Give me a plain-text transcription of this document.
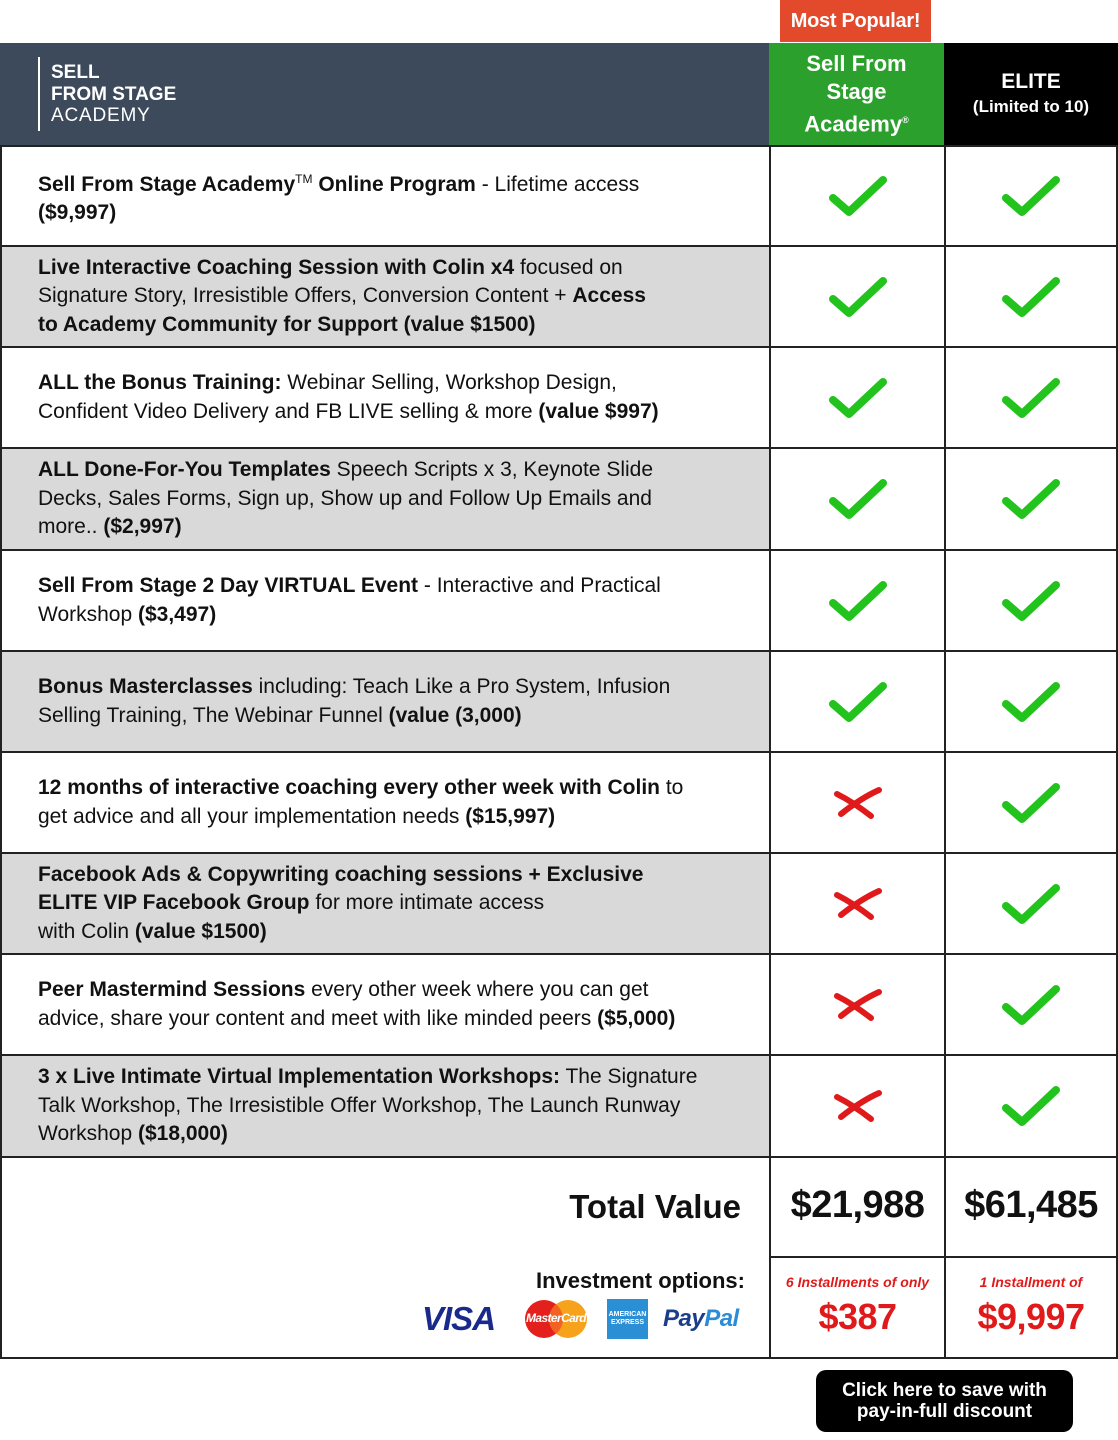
Most Popular!
SELL
FROM STAGE
ACADEMY
Sell From
Stage
Academy®
ELITE
(Limited to 10)
Sell From Stage Academy™ Online Program - Lifetime access
($9,997)
Live Interactive Coaching Session with Colin x4 focused on
Signature Story, Irresistible Offers, Conversion Content + Access
to Academy Community for Support (value $1500)
ALL the Bonus Training: Webinar Selling, Workshop Design,
Confident Video Delivery and FB LIVE selling & more (value $997)
ALL Done-For-You Templates Speech Scripts x 3, Keynote Slide
Decks, Sales Forms, Sign up, Show up and Follow Up Emails and
more.. ($2,997)
Sell From Stage 2 Day VIRTUAL Event - Interactive and Practical
Workshop ($3,497)
Bonus Masterclasses including: Teach Like a Pro System, Infusion
Selling Training, The Webinar Funnel (value (3,000)
12 months of interactive coaching every other week with Colin to
get advice and all your implementation needs ($15,997)
Facebook Ads & Copywriting coaching sessions + Exclusive
ELITE VIP Facebook Group for more intimate access
with Colin (value $1500)
Peer Mastermind Sessions every other week where you can get
advice, share your content and meet with like minded peers ($5,000)
3 x Live Intimate Virtual Implementation Workshops: The Signature
Talk Workshop, The Irresistible Offer Workshop, The Launch Runway
Workshop ($18,000)
Total Value
Investment options:
VISA	MasterCard	AMERICAN
EXPRESS PayPal
$21,988
6 Installments of only
$387
$61,485
1 Installment of
$9,997
Click here to save with
pay-in-full discount
